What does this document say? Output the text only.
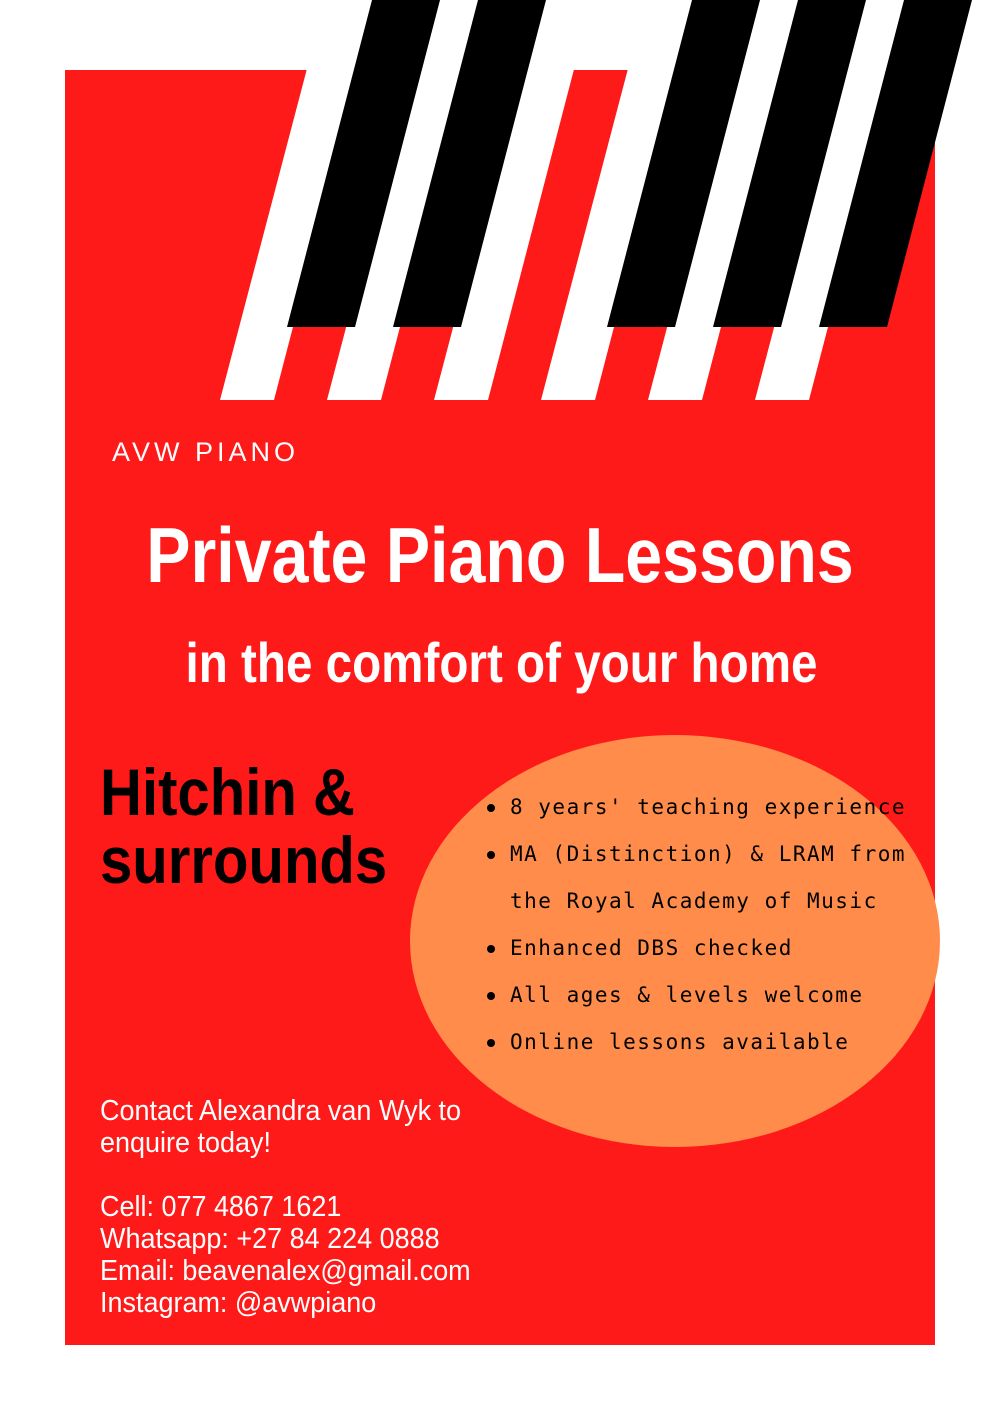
AVW PIANO
Private Piano Lessons
in the comfort of your home
Hitchin &
surrounds
8 years' teaching experience
MA (Distinction) & LRAM from
the Royal Academy of Music
Enhanced DBS checked
All ages & levels welcome
Online lessons available
Contact Alexandra van Wyk to
enquire today!
Cell: 077 4867 1621
Whatsapp: +27 84 224 0888
Email: beavenalex@gmail.com
Instagram: @avwpiano
